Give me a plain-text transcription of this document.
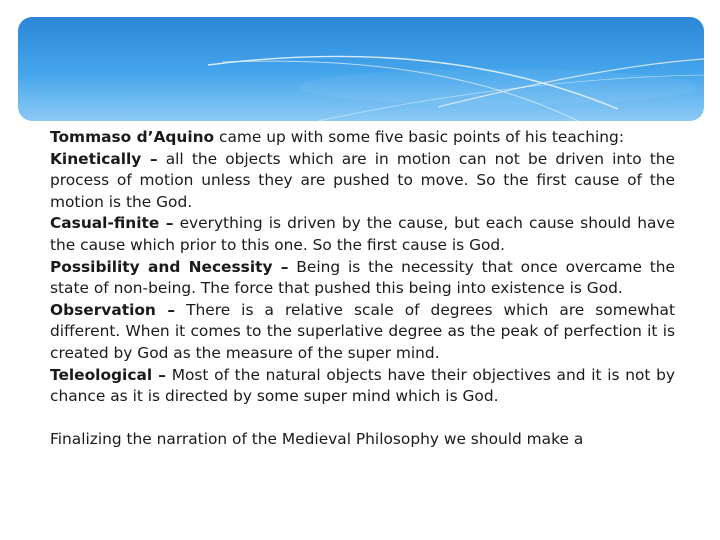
Tommaso d’Aquino came up with some five basic points of his teaching:

Kinetically – all the objects which are in motion can not be driven into the process of motion unless they are pushed to move. So the first cause of the motion is the God.

Casual-finite – everything is driven by the cause, but each cause should have the cause which prior to this one. So the first cause is God.

Possibility and Necessity – Being is the necessity that once overcame the state of non-being. The force that pushed this being into existence is God.

Observation – There is a relative scale of degrees which are somewhat different. When it comes to the superlative degree as the peak of perfection it is created by God as the measure of the super mind.

Teleological – Most of the natural objects have their objectives and it is not by chance as it is directed by some super mind which is God.

Finalizing the narration of the Medieval Philosophy we should make a
